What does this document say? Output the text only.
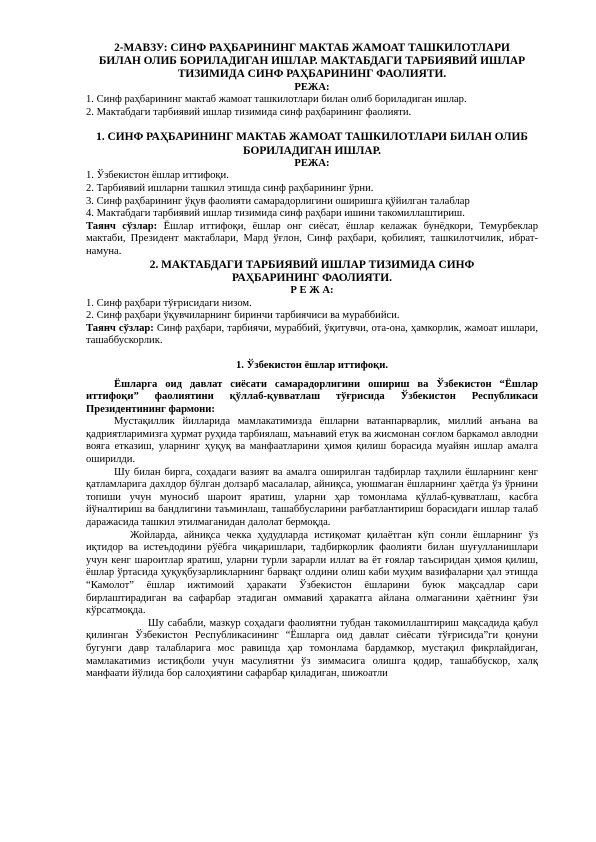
2-МАВЗУ: СИНФ РАҲБАРИНИНГ МАКТАБ ЖАМОАТ ТАШКИЛОТЛАРИ
БИЛАН ОЛИБ БОРИЛАДИГАН ИШЛАР. МАКТАБДАГИ ТАРБИЯВИЙ ИШЛАР
ТИЗИМИДА СИНФ РАҲБАРИНИНГ ФАОЛИЯТИ.
РЕЖА:
1. Синф раҳбарининг мактаб жамоат ташкилотлари билан олиб бориладиган ишлар.
2. Мактабдаги тарбиявий ишлар тизимида синф раҳбарининг фаолияти.
1. СИНФ РАҲБАРИНИНГ МАКТАБ ЖАМОАТ ТАШКИЛОТЛАРИ БИЛАН ОЛИБ
БОРИЛАДИГАН ИШЛАР.
РЕЖА:
1. Ўзбекистон ёшлар иттифоқи.
2. Тарбиявий ишларни ташкил этишда синф раҳбарининг ўрни.
3. Синф раҳбарининг ўқув фаолияти самарадорлигини оширишга қўйилган талаблар
4. Мактабдаги тарбиявий ишлар тизимида синф раҳбари ишини такомиллаштириш.

Таянч сўзлар: Ёшлар иттифоқи, ёшлар онг сиёсат, ёшлар келажак бунёдкори, Темурбеклар мактаби, Президент мактаблари, Мард ўғлон, Синф раҳбари, қобилият, ташкилотчилик, ибрат-намуна.

2. МАКТАБДАГИ ТАРБИЯВИЙ ИШЛАР ТИЗИМИДА СИНФ
РАҲБАРИНИНГ ФАОЛИЯТИ.
Р Е Ж А:
1. Синф раҳбари тўғрисидаги низом.
2. Синф раҳбари ўқувчиларнинг биринчи тарбиячиси ва мураббийси.

Таянч сўзлар: Синф раҳбари, тарбиячи, мураббий, ўқитувчи, ота-она, ҳамкорлик, жамоат ишлари, ташаббускорлик.

1. Ўзбекистон ёшлар иттифоқи.

Ёшларга оид давлат сиёсати самарадорлигини ошириш ва Ўзбекистон “Ёшлар иттифоқи” фаолиятини қўллаб-қувватлаш тўғрисида Ўзбекистон Республикаси Президентининг фармони:

Мустақиллик йилларида мамлакатимизда ёшларни ватанпарварлик, миллий анъана ва қадриятларимизга ҳурмат руҳида тарбиялаш, маънавий етук ва жисмонан соғлом баркамол авлодни вояга етказиш, уларнинг ҳуқуқ ва манфаатларини ҳимоя қилиш борасида муайян ишлар амалга оширилди.

Шу билан бирга, соҳадаги вазият ва амалга оширилган тадбирлар таҳлили ёшларнинг кенг қатламларига дахлдор бўлган долзарб масалалар, айниқса, уюшмаган ёшларнинг ҳаётда ўз ўрнини топиши учун муносиб шароит яратиш, уларни ҳар томонлама қўллаб-қувватлаш, касбга йўналтириш ва бандлигини таъминлаш, ташаббусларини рағбатлантириш борасидаги ишлар талаб даражасида ташкил этилмаганидан далолат бермоқда.

Жойларда, айниқса чекка ҳудудларда истиқомат қилаётган кўп сонли ёшларнинг ўз иқтидор ва истеъдодини рўёбга чиқаришлари, тадбиркорлик фаолияти билан шуғулланишлари учун кенг шароитлар яратиш, уларни турли зарарли иллат ва ёт ғоялар таъсиридан ҳимоя қилиш, ёшлар ўртасида ҳуқуқбузарликларнинг барвақт олдини олиш каби муҳим вазифаларни ҳал этишда “Камолот” ёшлар ижтимоий ҳаракати Ўзбекистон ёшларини буюк мақсадлар сари бирлаштирадиган ва сафарбар этадиган оммавий ҳаракатга айлана олмаганини ҳаётнинг ўзи кўрсатмоқда.

Шу сабабли, мазкур соҳадаги фаолиятни тубдан такомиллаштириш мақсадида қабул қилинган Ўзбекистон Республикасининг “Ёшларга оид давлат сиёсати тўғрисида”ги қонуни бугунги давр талабларига мос равишда ҳар томонлама бардамкор, мустақил фикрлайдиган, мамлакатимиз истиқболи учун масулиятни ўз зиммасига олишга қодир, ташаббускор, халқ манфаати йўлида бор салоҳиятини сафарбар қиладиган, шижоатли
